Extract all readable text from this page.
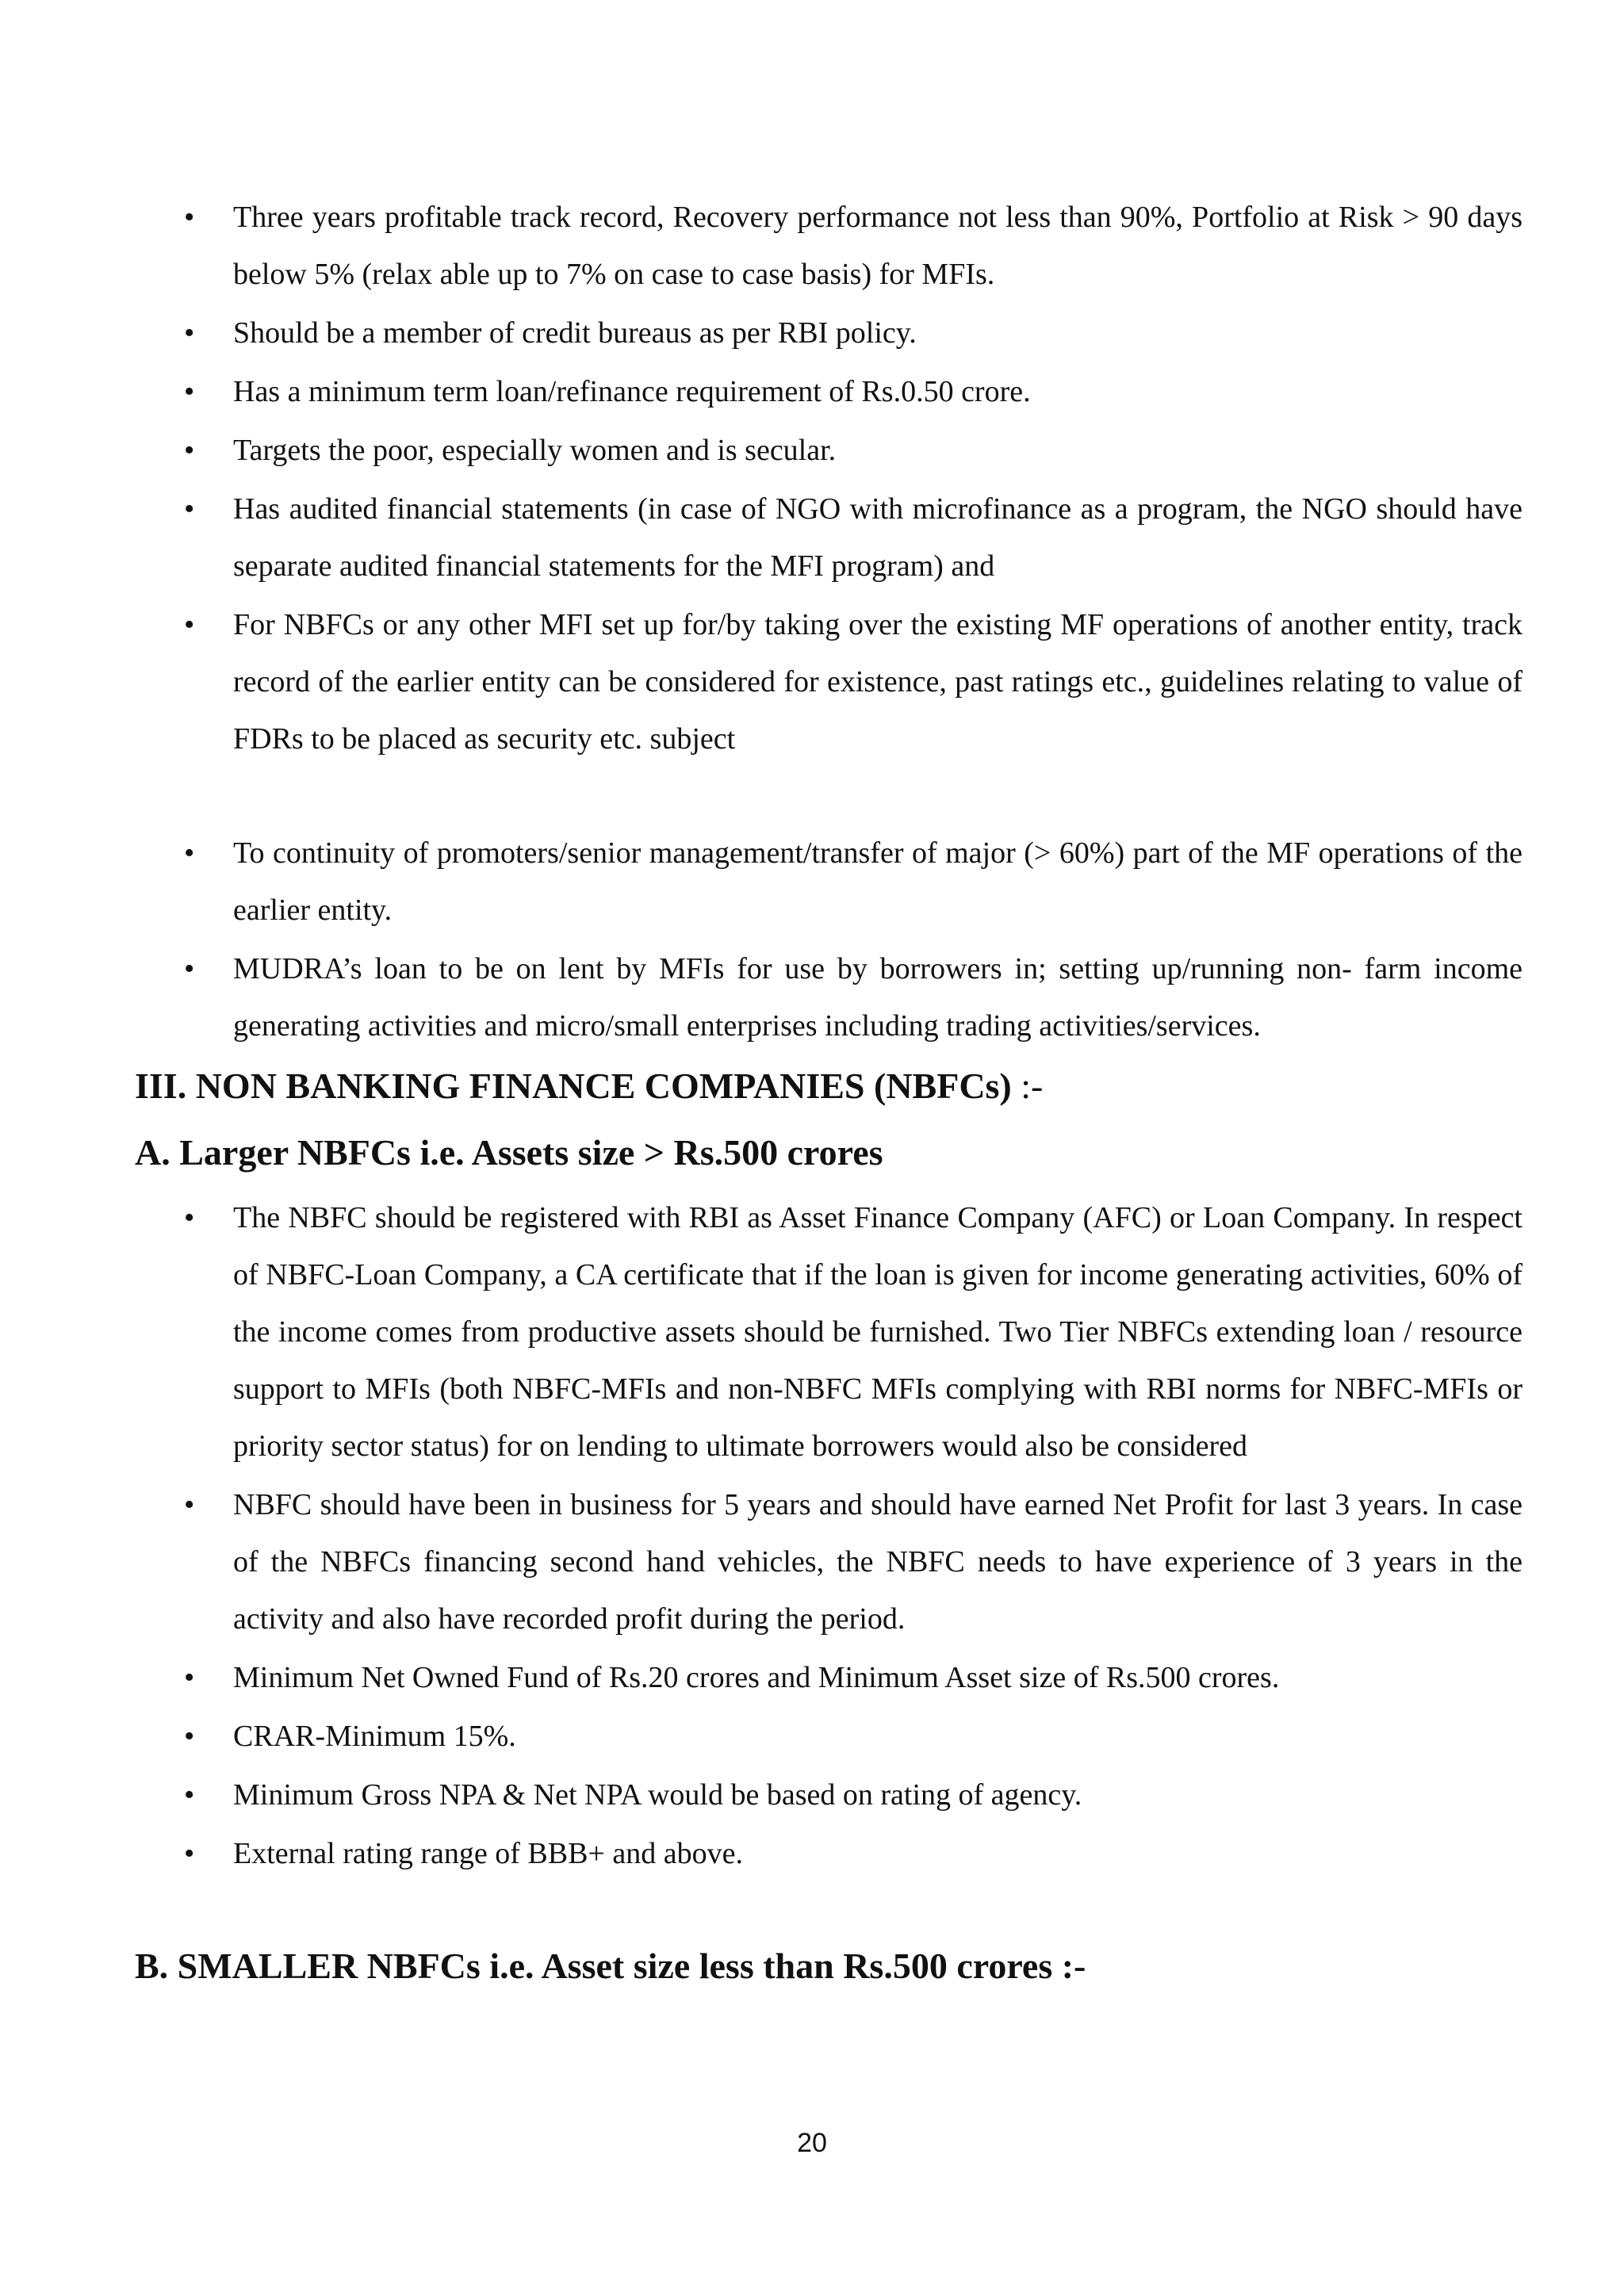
• Three years profitable track record, Recovery performance not less than 90%, Portfolio at Risk > 90 days below 5% (relax able up to 7% on case to case basis) for MFIs.
• Should be a member of credit bureaus as per RBI policy.
• Has a minimum term loan/refinance requirement of Rs.0.50 crore.
• Targets the poor, especially women and is secular.
• Has audited financial statements (in case of NGO with microfinance as a program, the NGO should have separate audited financial statements for the MFI program) and
• For NBFCs or any other MFI set up for/by taking over the existing MF operations of another entity, track record of the earlier entity can be considered for existence, past ratings etc., guidelines relating to value of FDRs to be placed as security etc. subject
• To continuity of promoters/senior management/transfer of major (> 60%) part of the MF operations of the earlier entity.
• MUDRA’s loan to be on lent by MFIs for use by borrowers in; setting up/running non- farm income generating activities and micro/small enterprises including trading activities/services.
III. NON BANKING FINANCE COMPANIES (NBFCs) :-
A. Larger NBFCs i.e. Assets size > Rs.500 crores
• The NBFC should be registered with RBI as Asset Finance Company (AFC) or Loan Company. In respect of NBFC-Loan Company, a CA certificate that if the loan is given for income generating activities, 60% of the income comes from productive assets should be furnished. Two Tier NBFCs extending loan / resource support to MFIs (both NBFC-MFIs and non-NBFC MFIs complying with RBI norms for NBFC-MFIs or priority sector status) for on lending to ultimate borrowers would also be considered
• NBFC should have been in business for 5 years and should have earned Net Profit for last 3 years. In case of the NBFCs financing second hand vehicles, the NBFC needs to have experience of 3 years in the activity and also have recorded profit during the period.
• Minimum Net Owned Fund of Rs.20 crores and Minimum Asset size of Rs.500 crores.
• CRAR-Minimum 15%.
• Minimum Gross NPA & Net NPA would be based on rating of agency.
• External rating range of BBB+ and above.
B. SMALLER NBFCs i.e. Asset size less than Rs.500 crores :-
20
